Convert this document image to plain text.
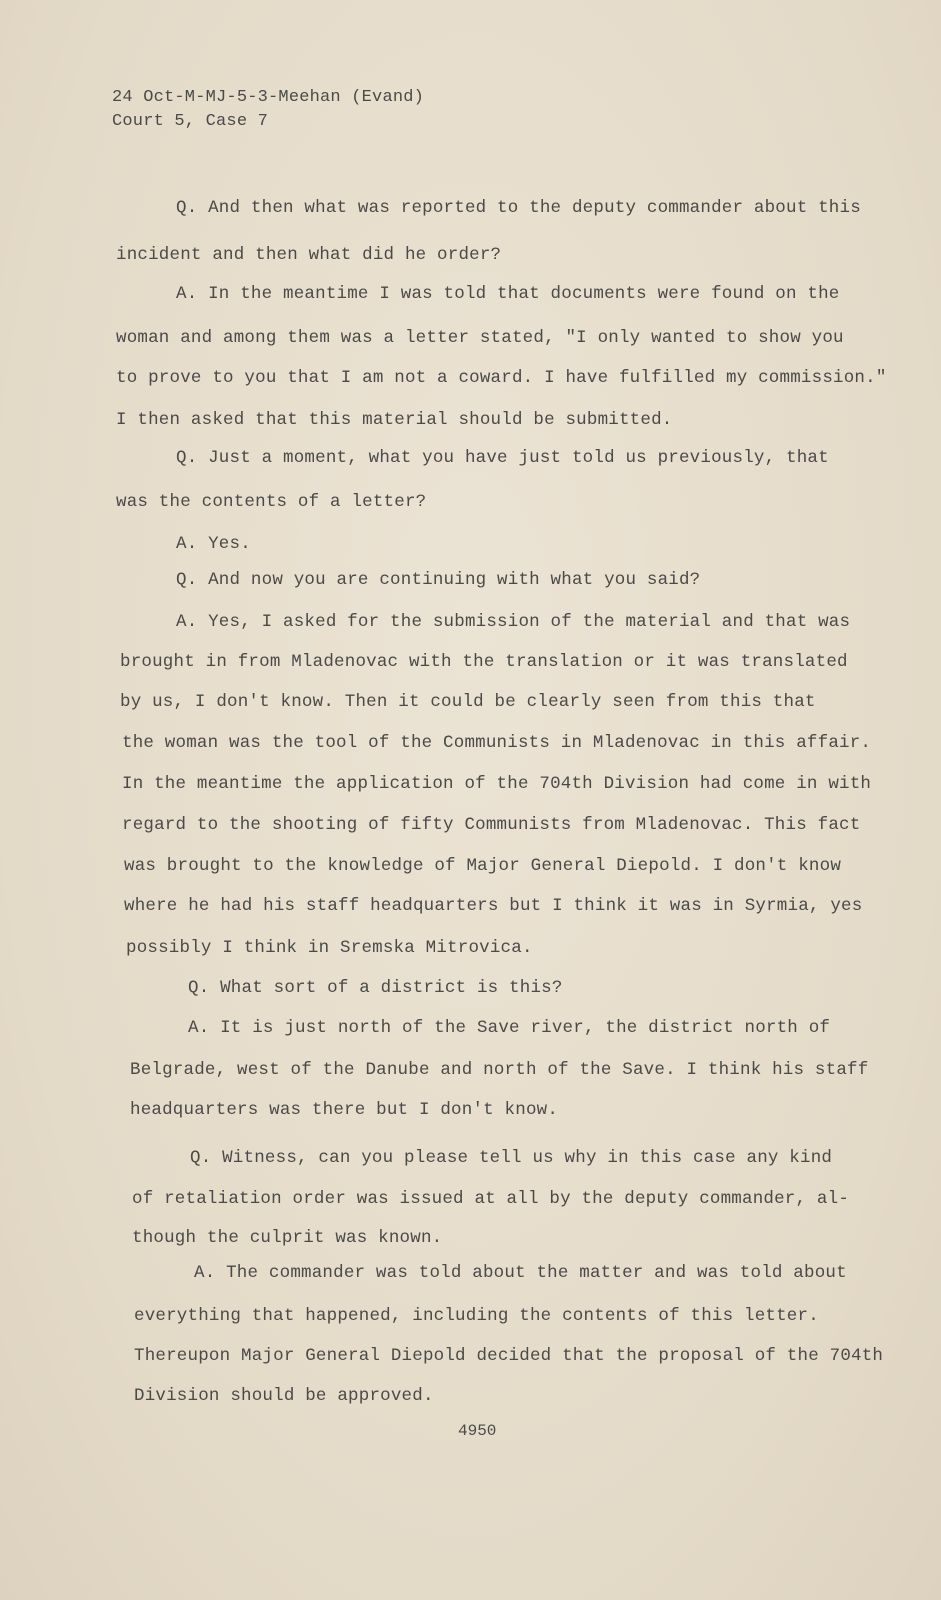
24 Oct-M-MJ-5-3-Meehan (Evand)
Court 5, Case 7
Q. And then what was reported to the deputy commander about this
incident and then what did he order?
A. In the meantime I was told that documents were found on the
woman and among them was a letter stated, "I only wanted to show you
to prove to you that I am not a coward. I have fulfilled my commission."
I then asked that this material should be submitted.
Q. Just a moment, what you have just told us previously, that
was the contents of a letter?
A. Yes.
Q. And now you are continuing with what you said?
A. Yes, I asked for the submission of the material and that was
brought in from Mladenovac with the translation or it was translated
by us, I don't know. Then it could be clearly seen from this that
the woman was the tool of the Communists in Mladenovac in this affair.
In the meantime the application of the 704th Division had come in with
regard to the shooting of fifty Communists from Mladenovac. This fact
was brought to the knowledge of Major General Diepold. I don't know
where he had his staff headquarters but I think it was in Syrmia, yes
possibly I think in Sremska Mitrovica.
Q. What sort of a district is this?
A. It is just north of the Save river, the district north of
Belgrade, west of the Danube and north of the Save. I think his staff
headquarters was there but I don't know.
Q. Witness, can you please tell us why in this case any kind
of retaliation order was issued at all by the deputy commander, al-
though the culprit was known.
A. The commander was told about the matter and was told about
everything that happened, including the contents of this letter.
Thereupon Major General Diepold decided that the proposal of the 704th
Division should be approved.
4950
